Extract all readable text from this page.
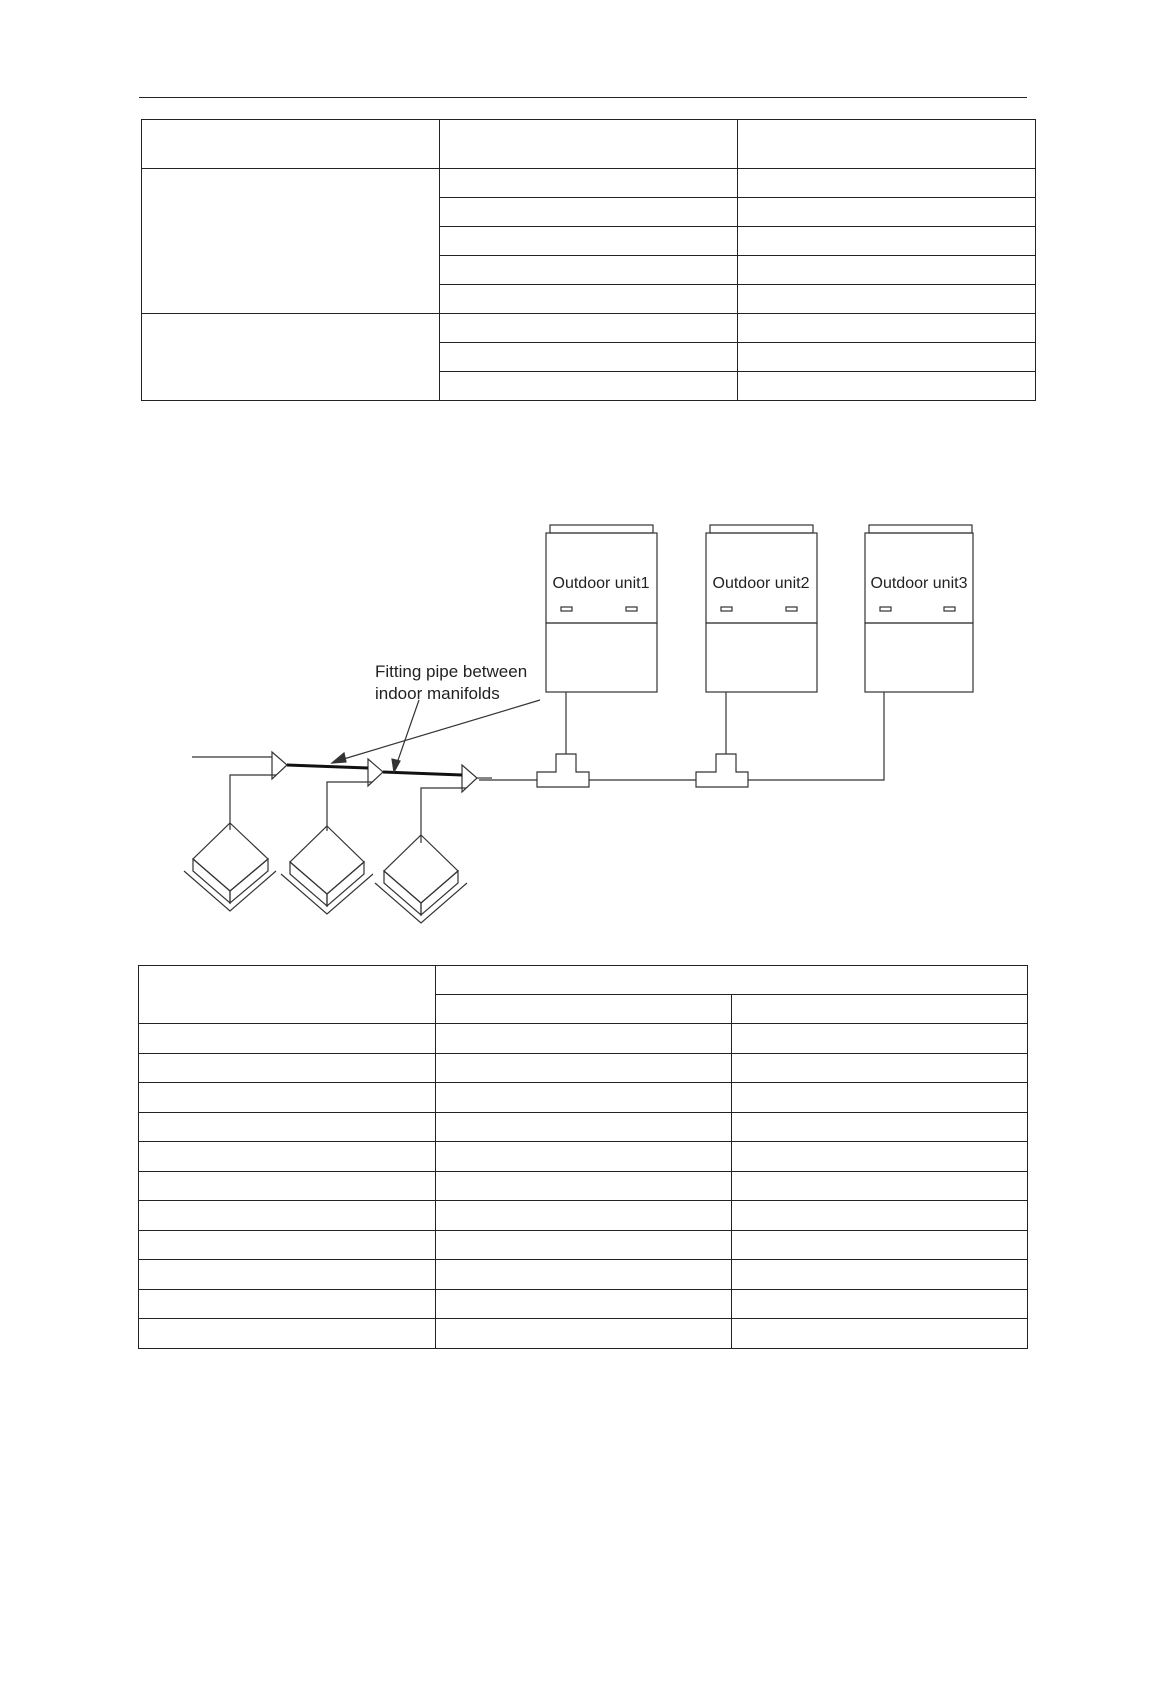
Outdoor unit1	Outdoor unit2	Outdoor unit3
Fitting pipe between
indoor manifolds
